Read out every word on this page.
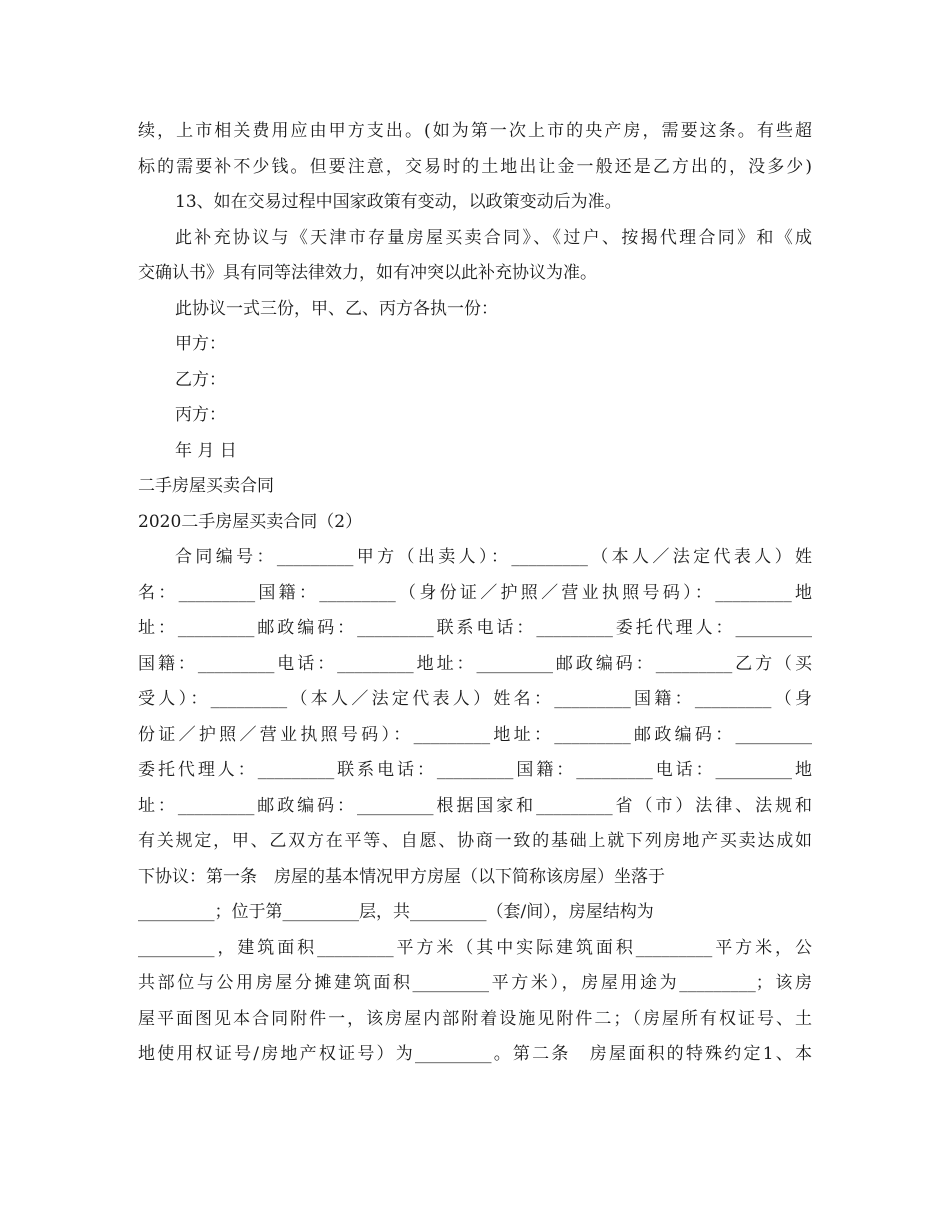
续，上市相关费用应由甲方支出。(如为第一次上市的央产房，需要这条。有些超
标的需要补不少钱。但要注意，交易时的土地出让金一般还是乙方出的，没多少)
13、如在交易过程中国家政策有变动，以政策变动后为准。
此补充协议与《天津市存量房屋买卖合同》、《过户、按揭代理合同》和《成
交确认书》具有同等法律效力，如有冲突以此补充协议为准。
此协议一式三份，甲、乙、丙方各执一份：
甲方：
乙方：
丙方：
年 月 日
二手房屋买卖合同
2020二手房屋买卖合同（2）
合同编号：_________甲方（出卖人）：_________（本人／法定代表人）姓
名：_________国籍：_________（身份证／护照／营业执照号码）：_________地
址：_________邮政编码：_________联系电话：_________委托代理人：_________
国籍：_________电话：_________地址：_________邮政编码：_________乙方（买
受人）：_________（本人／法定代表人）姓名：_________国籍：_________（身
份证／护照／营业执照号码）：_________地址：_________邮政编码：_________
委托代理人：_________联系电话：_________国籍：_________电话：_________地
址：_________邮政编码：_________根据国家和_________省（市）法律、法规和
有关规定，甲、乙双方在平等、自愿、协商一致的基础上就下列房地产买卖达成如
下协议：第一条　房屋的基本情况甲方房屋（以下简称该房屋）坐落于
_________；位于第_________层，共_________（套/间），房屋结构为
_________，建筑面积_________平方米（其中实际建筑面积_________平方米，公
共部位与公用房屋分摊建筑面积_________平方米），房屋用途为_________；该房
屋平面图见本合同附件一，该房屋内部附着设施见附件二；（房屋所有权证号、土
地使用权证号/房地产权证号）为_________。第二条　房屋面积的特殊约定1、本
